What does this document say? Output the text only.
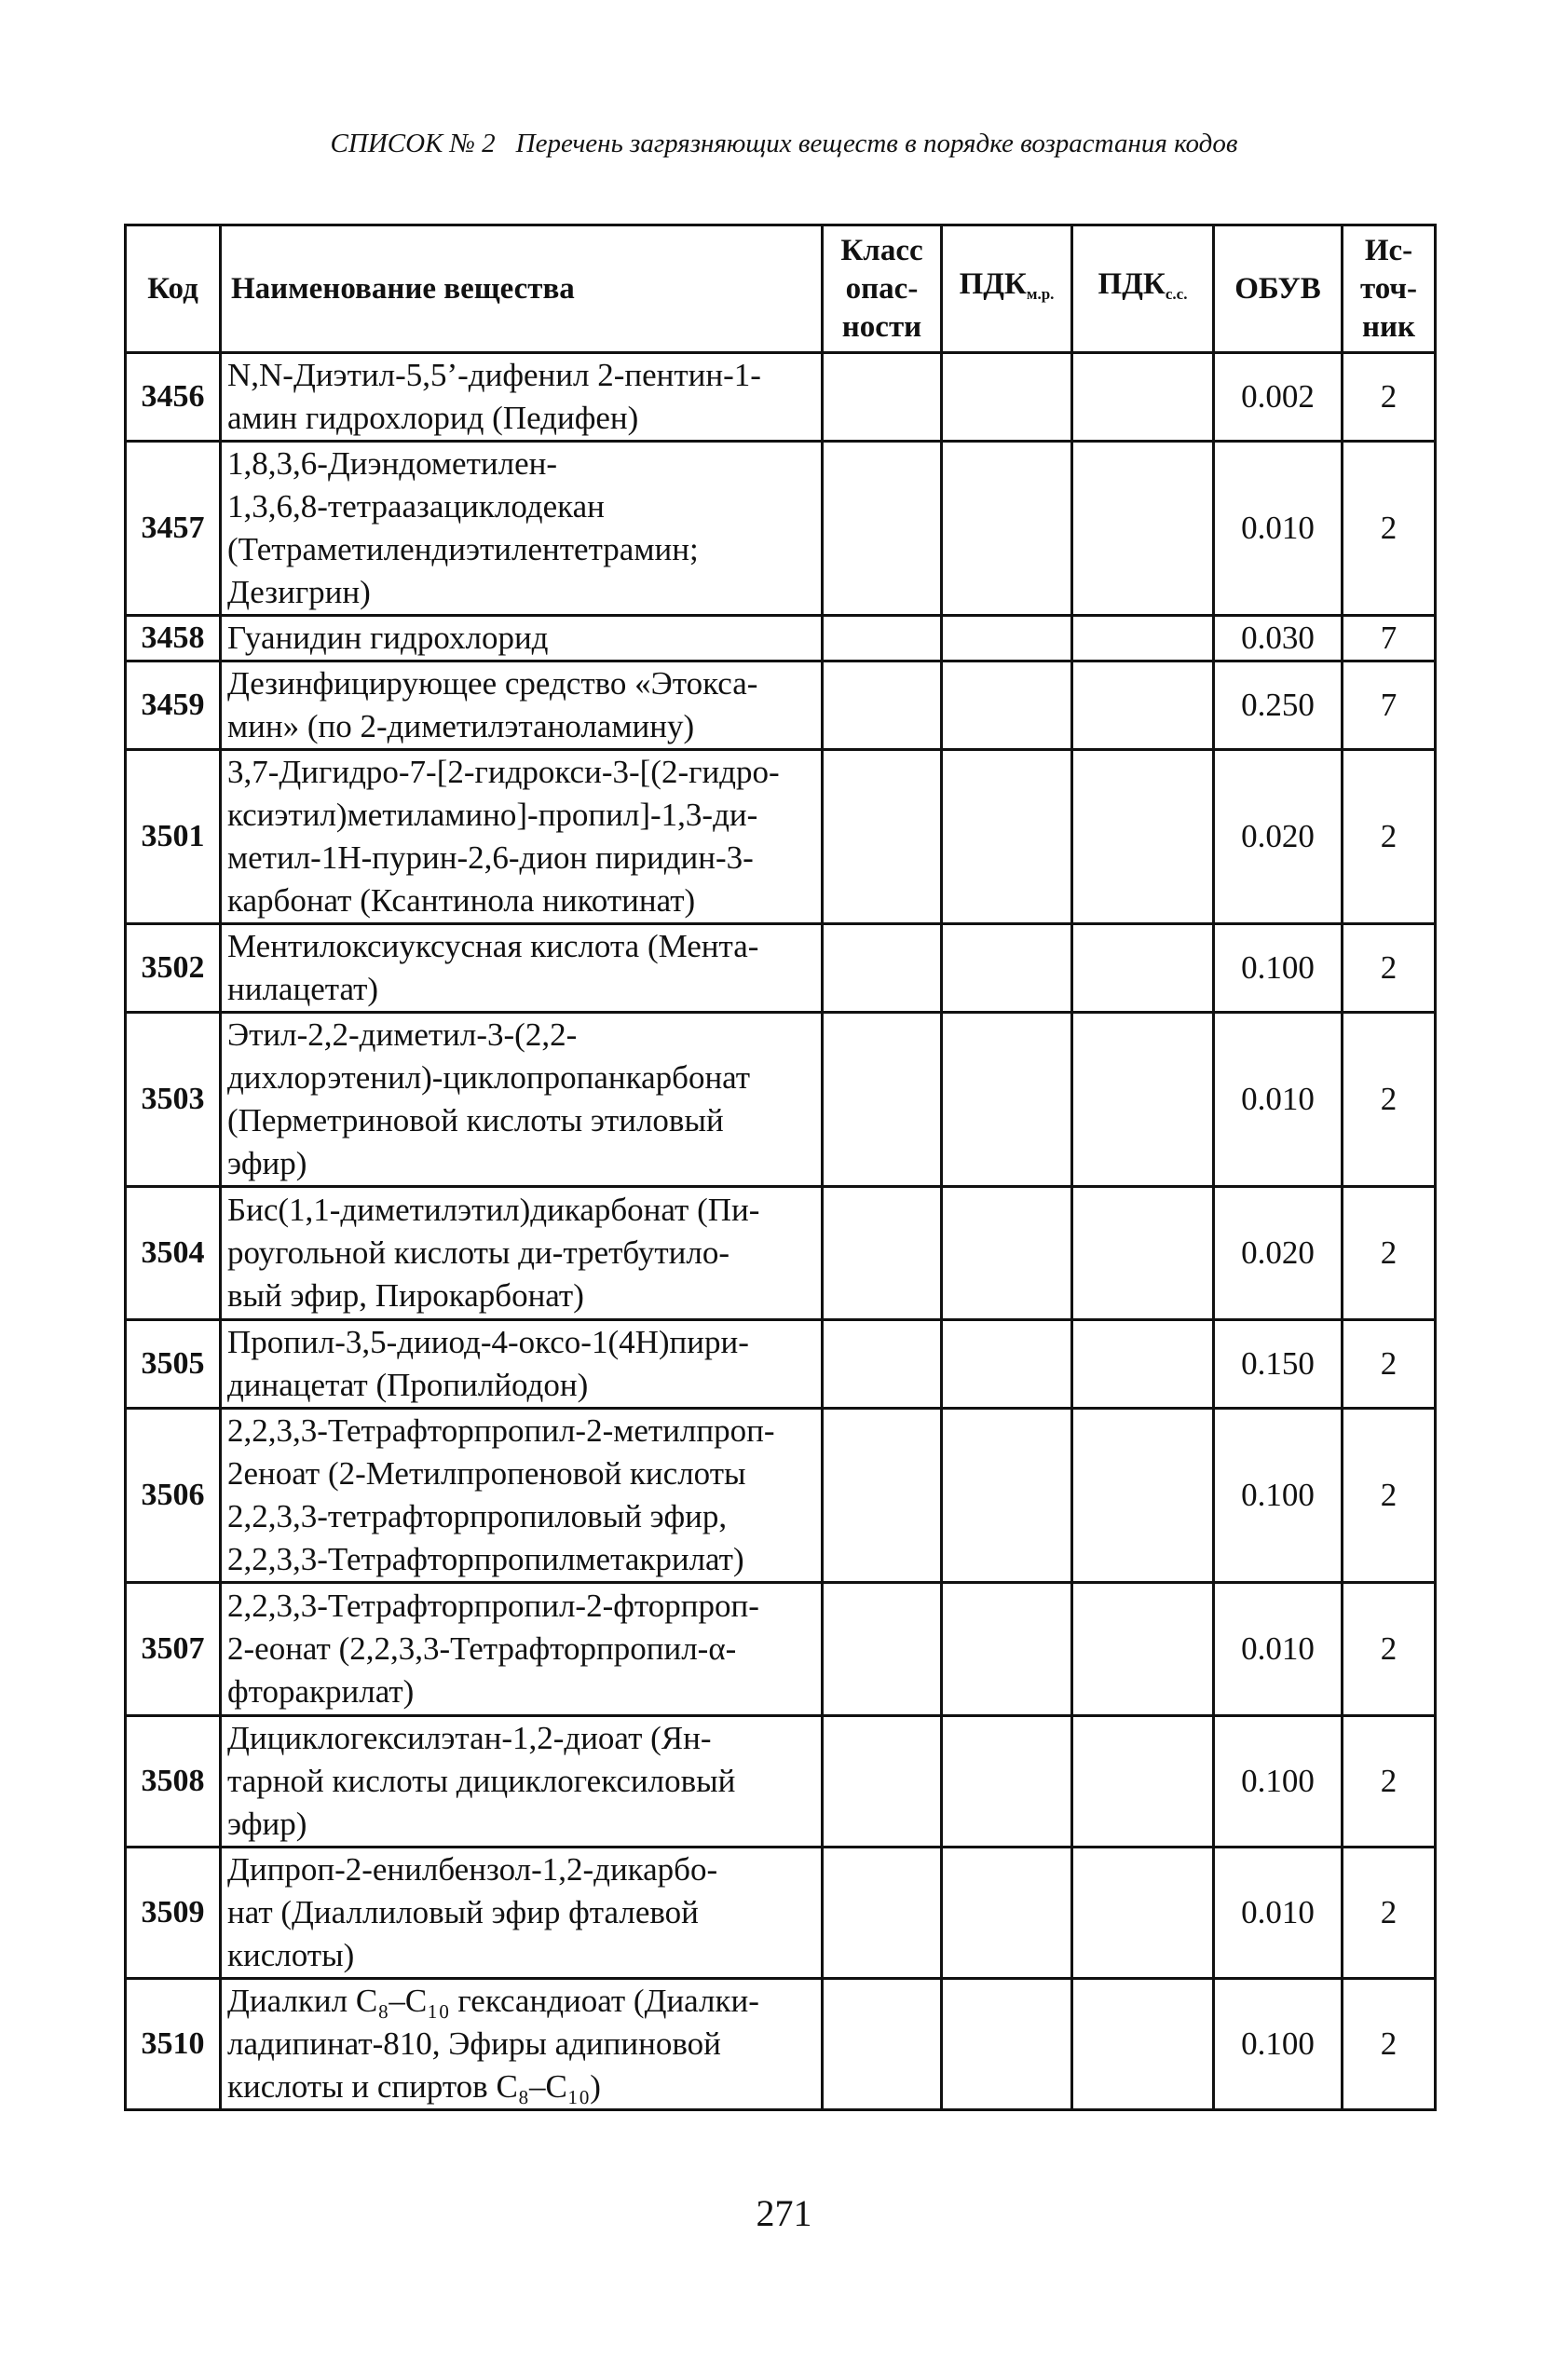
СПИСОК № 2 Перечень загрязняющих веществ в порядке возрастания кодов
Код	Наименование вещества	Класс
опас-
ности	$ПДК_{м.р.}$	$ПДК_{с.с.}$	ОБУВ	Ис-
точ-
ник
3456	N,N-Диэтил-5,5’-дифенил 2-пентин-1-
амин гидрохлорид (Педифен)				0.002	2
3457	1,8,3,6-Диэндометилен-
1,3,6,8-тетраазациклодекан
(Тетраметилендиэтилентетрамин;
Дезигрин)				0.010	2
3458	Гуанидин гидрохлорид				0.030	7
3459	Дезинфицирующее средство «Этокса-
мин» (по 2-диметилэтаноламину)				0.250	7
3501	3,7-Дигидро-7-[2-гидрокси-3-[(2-гидро-
ксиэтил)метиламино]-пропил]-1,3-ди-
метил-1Н-пурин-2,6-дион пиридин-3-
карбонат (Ксантинола никотинат)				0.020	2
3502	Ментилоксиуксусная кислота (Мента-
нилацетат)				0.100	2
3503	Этил-2,2-диметил-3-(2,2-
дихлорэтенил)-циклопропанкарбонат
(Перметриновой кислоты этиловый
эфир)				0.010	2
3504	Бис(1,1-диметилэтил)дикарбонат (Пи-
роугольной кислоты ди-третбутило-
вый эфир, Пирокарбонат)				0.020	2
3505	Пропил-3,5-дииод-4-оксо-1(4Н)пири-
динацетат (Пропилйодон)				0.150	2
3506	2,2,3,3-Тетрафторпропил-2-метилпроп-
2еноат (2-Метилпропеновой кислоты
2,2,3,3-тетрафторпропиловый эфир,
2,2,3,3-Тетрафторпропилметакрилат)				0.100	2
3507	2,2,3,3-Тетрафторпропил-2-фторпроп-
2-еонат (2,2,3,3-Тетрафторпропил-α-
фторакрилат)				0.010	2
3508	Дициклогексилэтан-1,2-диоат (Ян-
тарной кислоты дициклогексиловый
эфир)				0.100	2
3509	Дипроп-2-енилбензол-1,2-дикарбо-
нат (Диаллиловый эфир фталевой
кислоты)				0.010	2
3510	Диалкил C₈–C₁₀ гександиоат (Диалки-
ладипинат-810, Эфиры адипиновой
кислоты и спиртов C₈–C₁₀)				0.100	2
271
